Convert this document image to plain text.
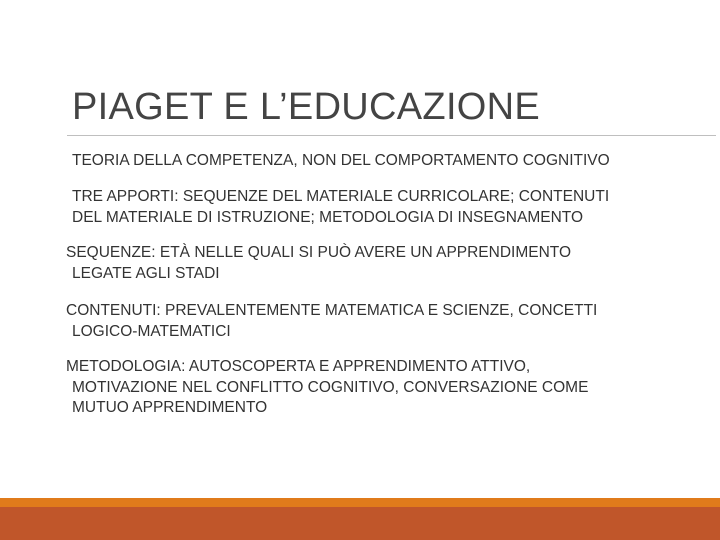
PIAGET E L’EDUCAZIONE
TEORIA DELLA COMPETENZA, NON DEL COMPORTAMENTO COGNITIVO
TRE APPORTI: SEQUENZE DEL MATERIALE CURRICOLARE; CONTENUTI
DEL MATERIALE DI ISTRUZIONE; METODOLOGIA DI INSEGNAMENTO
SEQUENZE: ETÀ NELLE QUALI SI PUÒ AVERE UN APPRENDIMENTO
LEGATE AGLI STADI
CONTENUTI: PREVALENTEMENTE MATEMATICA E SCIENZE, CONCETTI
LOGICO-MATEMATICI
METODOLOGIA: AUTOSCOPERTA E APPRENDIMENTO ATTIVO,
MOTIVAZIONE NEL CONFLITTO COGNITIVO, CONVERSAZIONE COME
MUTUO APPRENDIMENTO
